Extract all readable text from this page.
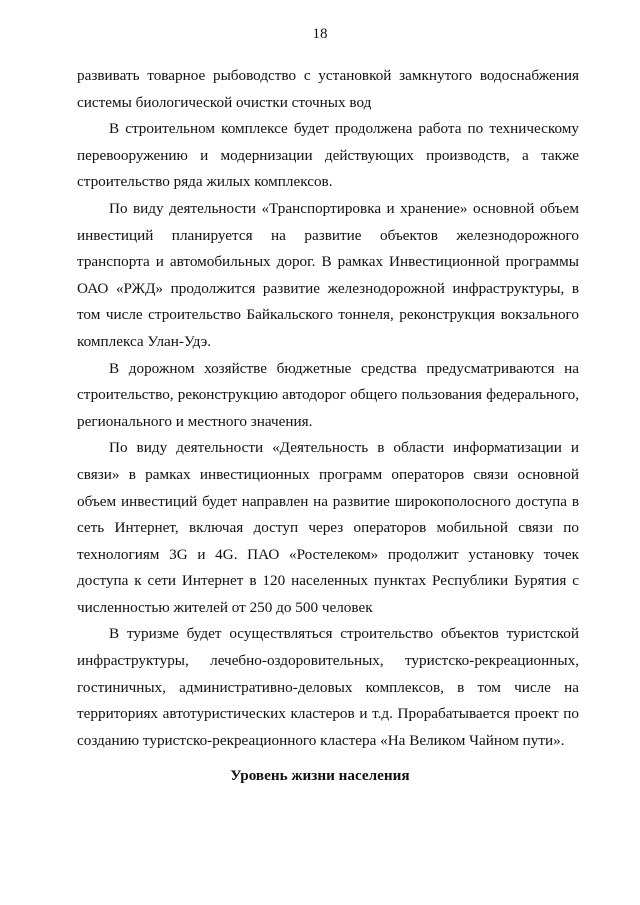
18

развивать товарное рыбоводство с установкой замкнутого водоснабжения системы биологической очистки сточных вод

В строительном комплексе будет продолжена работа по техническому перевооружению и модернизации действующих производств, а также строительство ряда жилых комплексов.

По виду деятельности «Транспортировка и хранение» основной объем инвестиций планируется на развитие объектов железнодорожного транспорта и автомобильных дорог. В рамках Инвестиционной программы ОАО «РЖД» продолжится развитие железнодорожной инфраструктуры, в том числе строительство Байкальского тоннеля, реконструкция вокзального комплекса Улан-Удэ.

В дорожном хозяйстве бюджетные средства предусматриваются на строительство, реконструкцию автодорог общего пользования федерального, регионального и местного значения.

По виду деятельности «Деятельность в области информатизации и связи» в рамках инвестиционных программ операторов связи основной объем инвестиций будет направлен на развитие широкополосного доступа в сеть Интернет, включая доступ через операторов мобильной связи по технологиям 3G и 4G. ПАО «Ростелеком» продолжит установку точек доступа к сети Интернет в 120 населенных пунктах Республики Бурятия с численностью жителей от 250 до 500 человек

В туризме будет осуществляться строительство объектов туристской инфраструктуры, лечебно-оздоровительных, туристско-рекреационных, гостиничных, административно-деловых комплексов, в том числе на территориях автотуристических кластеров и т.д. Прорабатывается проект по созданию туристско-рекреационного кластера «На Великом Чайном пути».

Уровень жизни населения
